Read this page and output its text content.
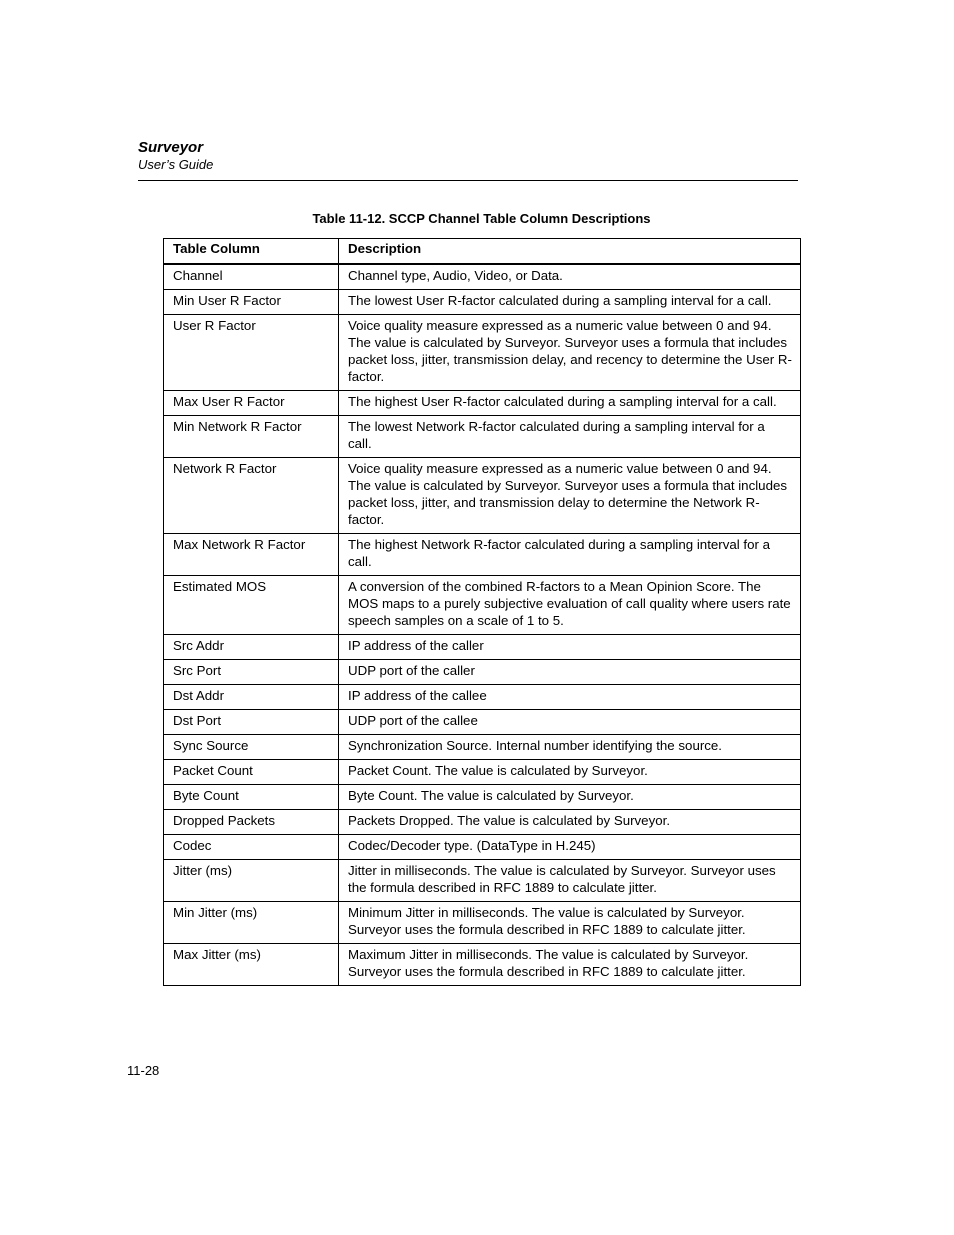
Surveyor
User’s Guide
Table 11-12. SCCP Channel Table Column Descriptions
Table Column	Description
Channel	Channel type, Audio, Video, or Data.
Min User R Factor	The lowest User R-factor calculated during a sampling interval for a call.
User R Factor	Voice quality measure expressed as a numeric value between 0 and 94. The value is calculated by Surveyor. Surveyor uses a formula that includes packet loss, jitter, transmission delay, and recency to determine the User R-factor.
Max User R Factor	The highest User R-factor calculated during a sampling interval for a call.
Min Network R Factor	The lowest Network R-factor calculated during a sampling interval for a call.
Network R Factor	Voice quality measure expressed as a numeric value between 0 and 94. The value is calculated by Surveyor. Surveyor uses a formula that includes packet loss, jitter, and transmission delay to determine the Network R-factor.
Max Network R Factor	The highest Network R-factor calculated during a sampling interval for a call.
Estimated MOS	A conversion of the combined R-factors to a Mean Opinion Score. The MOS maps to a purely subjective evaluation of call quality where users rate speech samples on a scale of 1 to 5.
Src Addr	IP address of the caller
Src Port	UDP port of the caller
Dst Addr	IP address of the callee
Dst Port	UDP port of the callee
Sync Source	Synchronization Source. Internal number identifying the source.
Packet Count	Packet Count. The value is calculated by Surveyor.
Byte Count	Byte Count. The value is calculated by Surveyor.
Dropped Packets	Packets Dropped. The value is calculated by Surveyor.
Codec	Codec/Decoder type. (DataType in H.245)
Jitter (ms)	Jitter in milliseconds. The value is calculated by Surveyor. Surveyor uses the formula described in RFC 1889 to calculate jitter.
Min Jitter (ms)	Minimum Jitter in milliseconds. The value is calculated by Surveyor. Surveyor uses the formula described in RFC 1889 to calculate jitter.
Max Jitter (ms)	Maximum Jitter in milliseconds. The value is calculated by Surveyor. Surveyor uses the formula described in RFC 1889 to calculate jitter.
11-28
